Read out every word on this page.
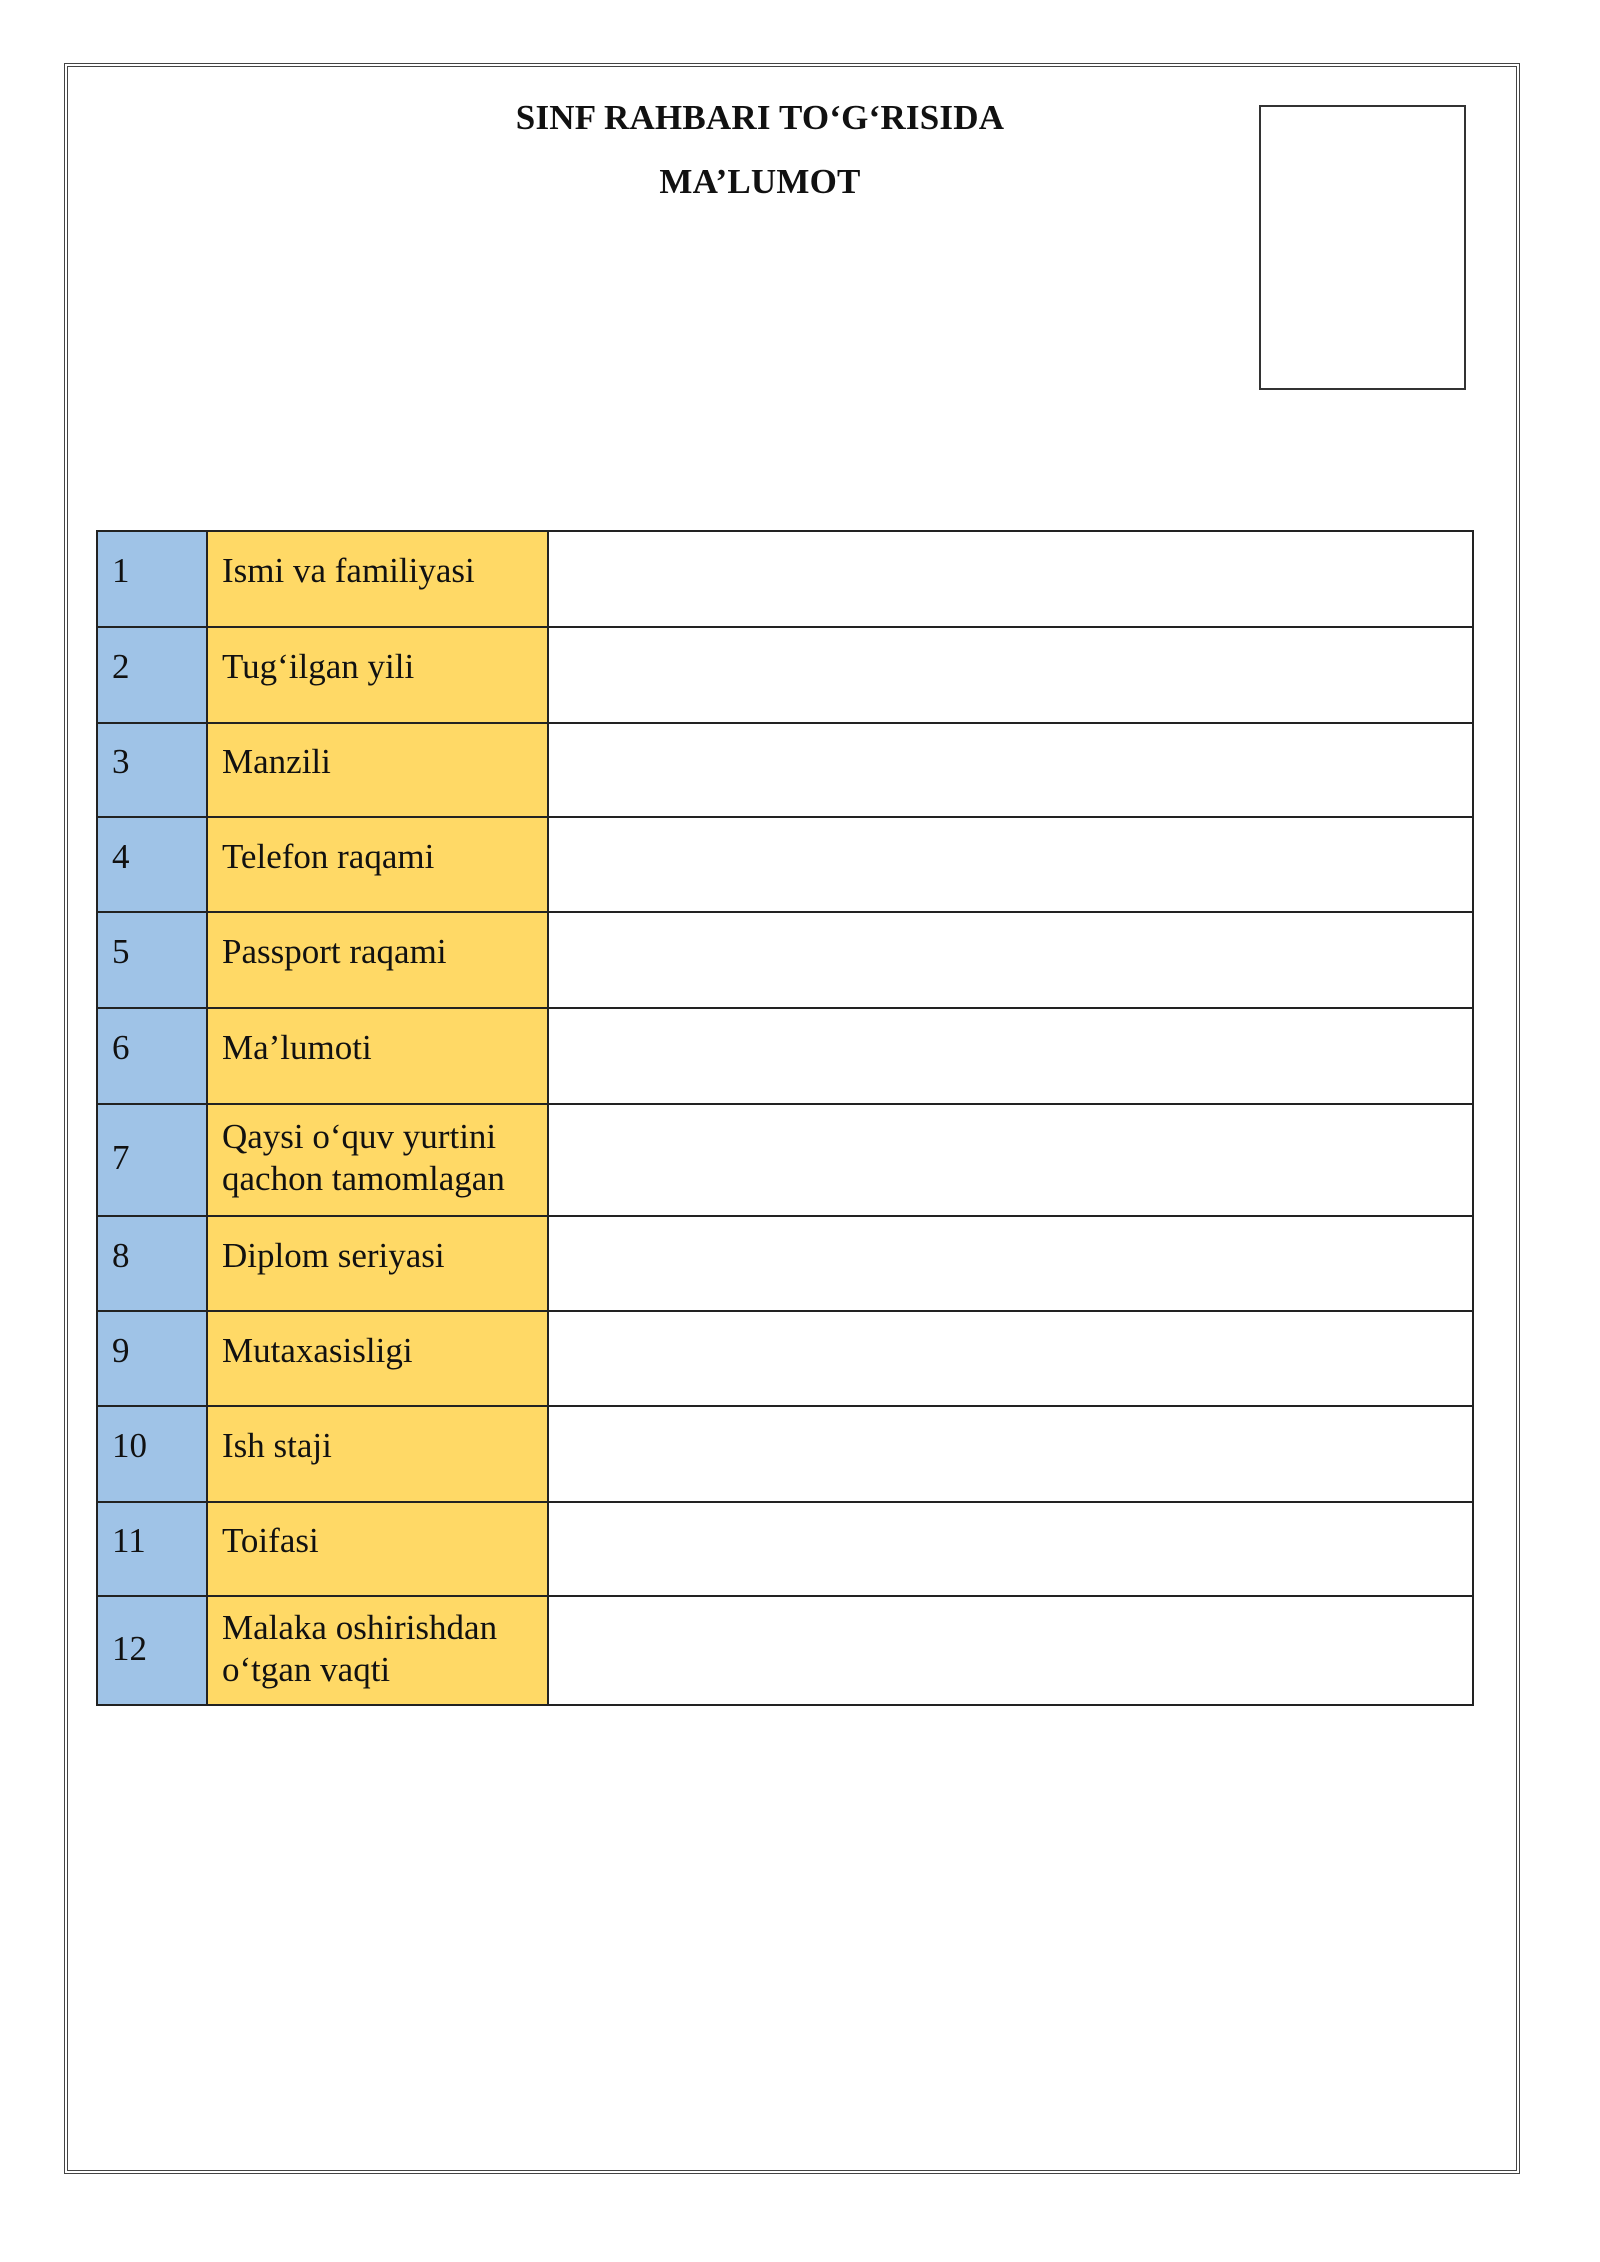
SINF RAHBARI TO‘G‘RISIDA
MA’LUMOT
1	Ismi va familiyasi	

2	Tug‘ilgan yili	

3	Manzili	

4	Telefon raqami	

5	Passport raqami	

6	Ma’lumoti	

7	Qaysi o‘quv yurtini qachon tamomlagan	

8	Diplom seriyasi	

9	Mutaxasisligi	

10	Ish staji	

11	Toifasi	

12	Malaka oshirishdan o‘tgan vaqti	
